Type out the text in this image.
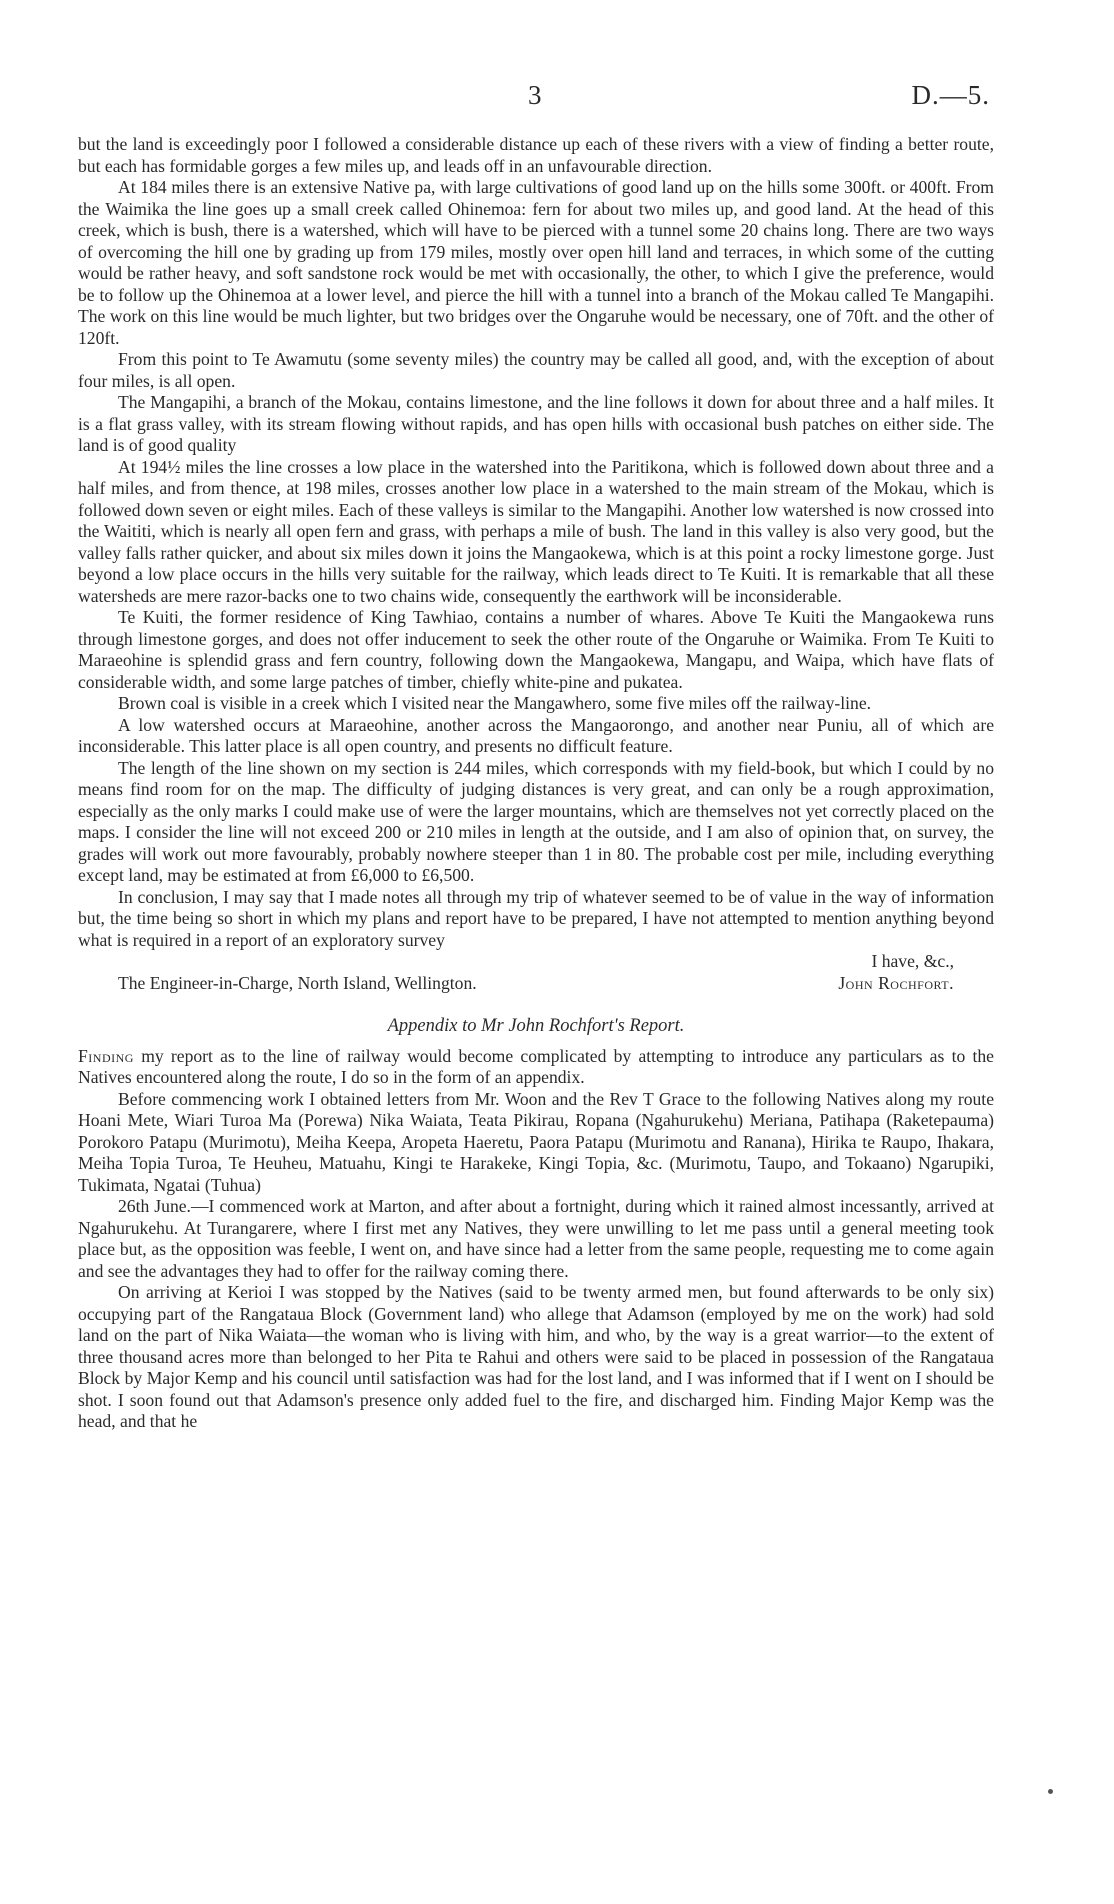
3	D.—5.

but the land is exceedingly poor I followed a considerable distance up each of these rivers with a view of finding a better route, but each has formidable gorges a few miles up, and leads off in an unfavourable direction.

At 184 miles there is an extensive Native pa, with large cultivations of good land up on the hills some 300ft. or 400ft. From the Waimika the line goes up a small creek called Ohinemoa: fern for about two miles up, and good land. At the head of this creek, which is bush, there is a watershed, which will have to be pierced with a tunnel some 20 chains long. There are two ways of overcoming the hill one by grading up from 179 miles, mostly over open hill land and terraces, in which some of the cutting would be rather heavy, and soft sandstone rock would be met with occasionally, the other, to which I give the preference, would be to follow up the Ohinemoa at a lower level, and pierce the hill with a tunnel into a branch of the Mokau called Te Mangapihi. The work on this line would be much lighter, but two bridges over the Ongaruhe would be necessary, one of 70ft. and the other of 120ft.

From this point to Te Awamutu (some seventy miles) the country may be called all good, and, with the exception of about four miles, is all open.

The Mangapihi, a branch of the Mokau, contains limestone, and the line follows it down for about three and a half miles. It is a flat grass valley, with its stream flowing without rapids, and has open hills with occasional bush patches on either side. The land is of good quality

At 194½ miles the line crosses a low place in the watershed into the Paritikona, which is followed down about three and a half miles, and from thence, at 198 miles, crosses another low place in a watershed to the main stream of the Mokau, which is followed down seven or eight miles. Each of these valleys is similar to the Mangapihi. Another low watershed is now crossed into the Waititi, which is nearly all open fern and grass, with perhaps a mile of bush. The land in this valley is also very good, but the valley falls rather quicker, and about six miles down it joins the Mangaokewa, which is at this point a rocky limestone gorge. Just beyond a low place occurs in the hills very suitable for the railway, which leads direct to Te Kuiti. It is remarkable that all these watersheds are mere razor-backs one to two chains wide, consequently the earthwork will be inconsiderable.

Te Kuiti, the former residence of King Tawhiao, contains a number of whares. Above Te Kuiti the Mangaokewa runs through limestone gorges, and does not offer inducement to seek the other route of the Ongaruhe or Waimika. From Te Kuiti to Maraeohine is splendid grass and fern country, following down the Mangaokewa, Mangapu, and Waipa, which have flats of considerable width, and some large patches of timber, chiefly white-pine and pukatea.

Brown coal is visible in a creek which I visited near the Mangawhero, some five miles off the railway-line.

A low watershed occurs at Maraeohine, another across the Mangaorongo, and another near Puniu, all of which are inconsiderable. This latter place is all open country, and presents no difficult feature.

The length of the line shown on my section is 244 miles, which corresponds with my field-book, but which I could by no means find room for on the map. The difficulty of judging distances is very great, and can only be a rough approximation, especially as the only marks I could make use of were the larger mountains, which are themselves not yet correctly placed on the maps. I consider the line will not exceed 200 or 210 miles in length at the outside, and I am also of opinion that, on survey, the grades will work out more favourably, probably nowhere steeper than 1 in 80. The probable cost per mile, including everything except land, may be estimated at from £6,000 to £6,500.

In conclusion, I may say that I made notes all through my trip of whatever seemed to be of value in the way of information but, the time being so short in which my plans and report have to be prepared, I have not attempted to mention anything beyond what is required in a report of an exploratory survey

I have, &c.,
The Engineer-in-Charge, North Island, Wellington.	John Rochfort.
Appendix to Mr John Rochfort's Report.

Finding my report as to the line of railway would become complicated by attempting to introduce any particulars as to the Natives encountered along the route, I do so in the form of an appendix.

Before commencing work I obtained letters from Mr. Woon and the Rev T Grace to the following Natives along my route Hoani Mete, Wiari Turoa Ma (Porewa) Nika Waiata, Teata Pikirau, Ropana (Ngahurukehu) Meriana, Patihapa (Raketepauma) Porokoro Patapu (Murimotu), Meiha Keepa, Aropeta Haeretu, Paora Patapu (Murimotu and Ranana), Hirika te Raupo, Ihakara, Meiha Topia Turoa, Te Heuheu, Matuahu, Kingi te Harakeke, Kingi Topia, &c. (Murimotu, Taupo, and Tokaano) Ngarupiki, Tukimata, Ngatai (Tuhua)

26th June.—I commenced work at Marton, and after about a fortnight, during which it rained almost incessantly, arrived at Ngahurukehu. At Turangarere, where I first met any Natives, they were unwilling to let me pass until a general meeting took place but, as the opposition was feeble, I went on, and have since had a letter from the same people, requesting me to come again and see the advantages they had to offer for the railway coming there.

On arriving at Kerioi I was stopped by the Natives (said to be twenty armed men, but found afterwards to be only six) occupying part of the Rangataua Block (Government land) who allege that Adamson (employed by me on the work) had sold land on the part of Nika Waiata—the woman who is living with him, and who, by the way is a great warrior—to the extent of three thousand acres more than belonged to her Pita te Rahui and others were said to be placed in possession of the Rangataua Block by Major Kemp and his council until satisfaction was had for the lost land, and I was informed that if I went on I should be shot. I soon found out that Adamson's presence only added fuel to the fire, and discharged him. Finding Major Kemp was the head, and that he
